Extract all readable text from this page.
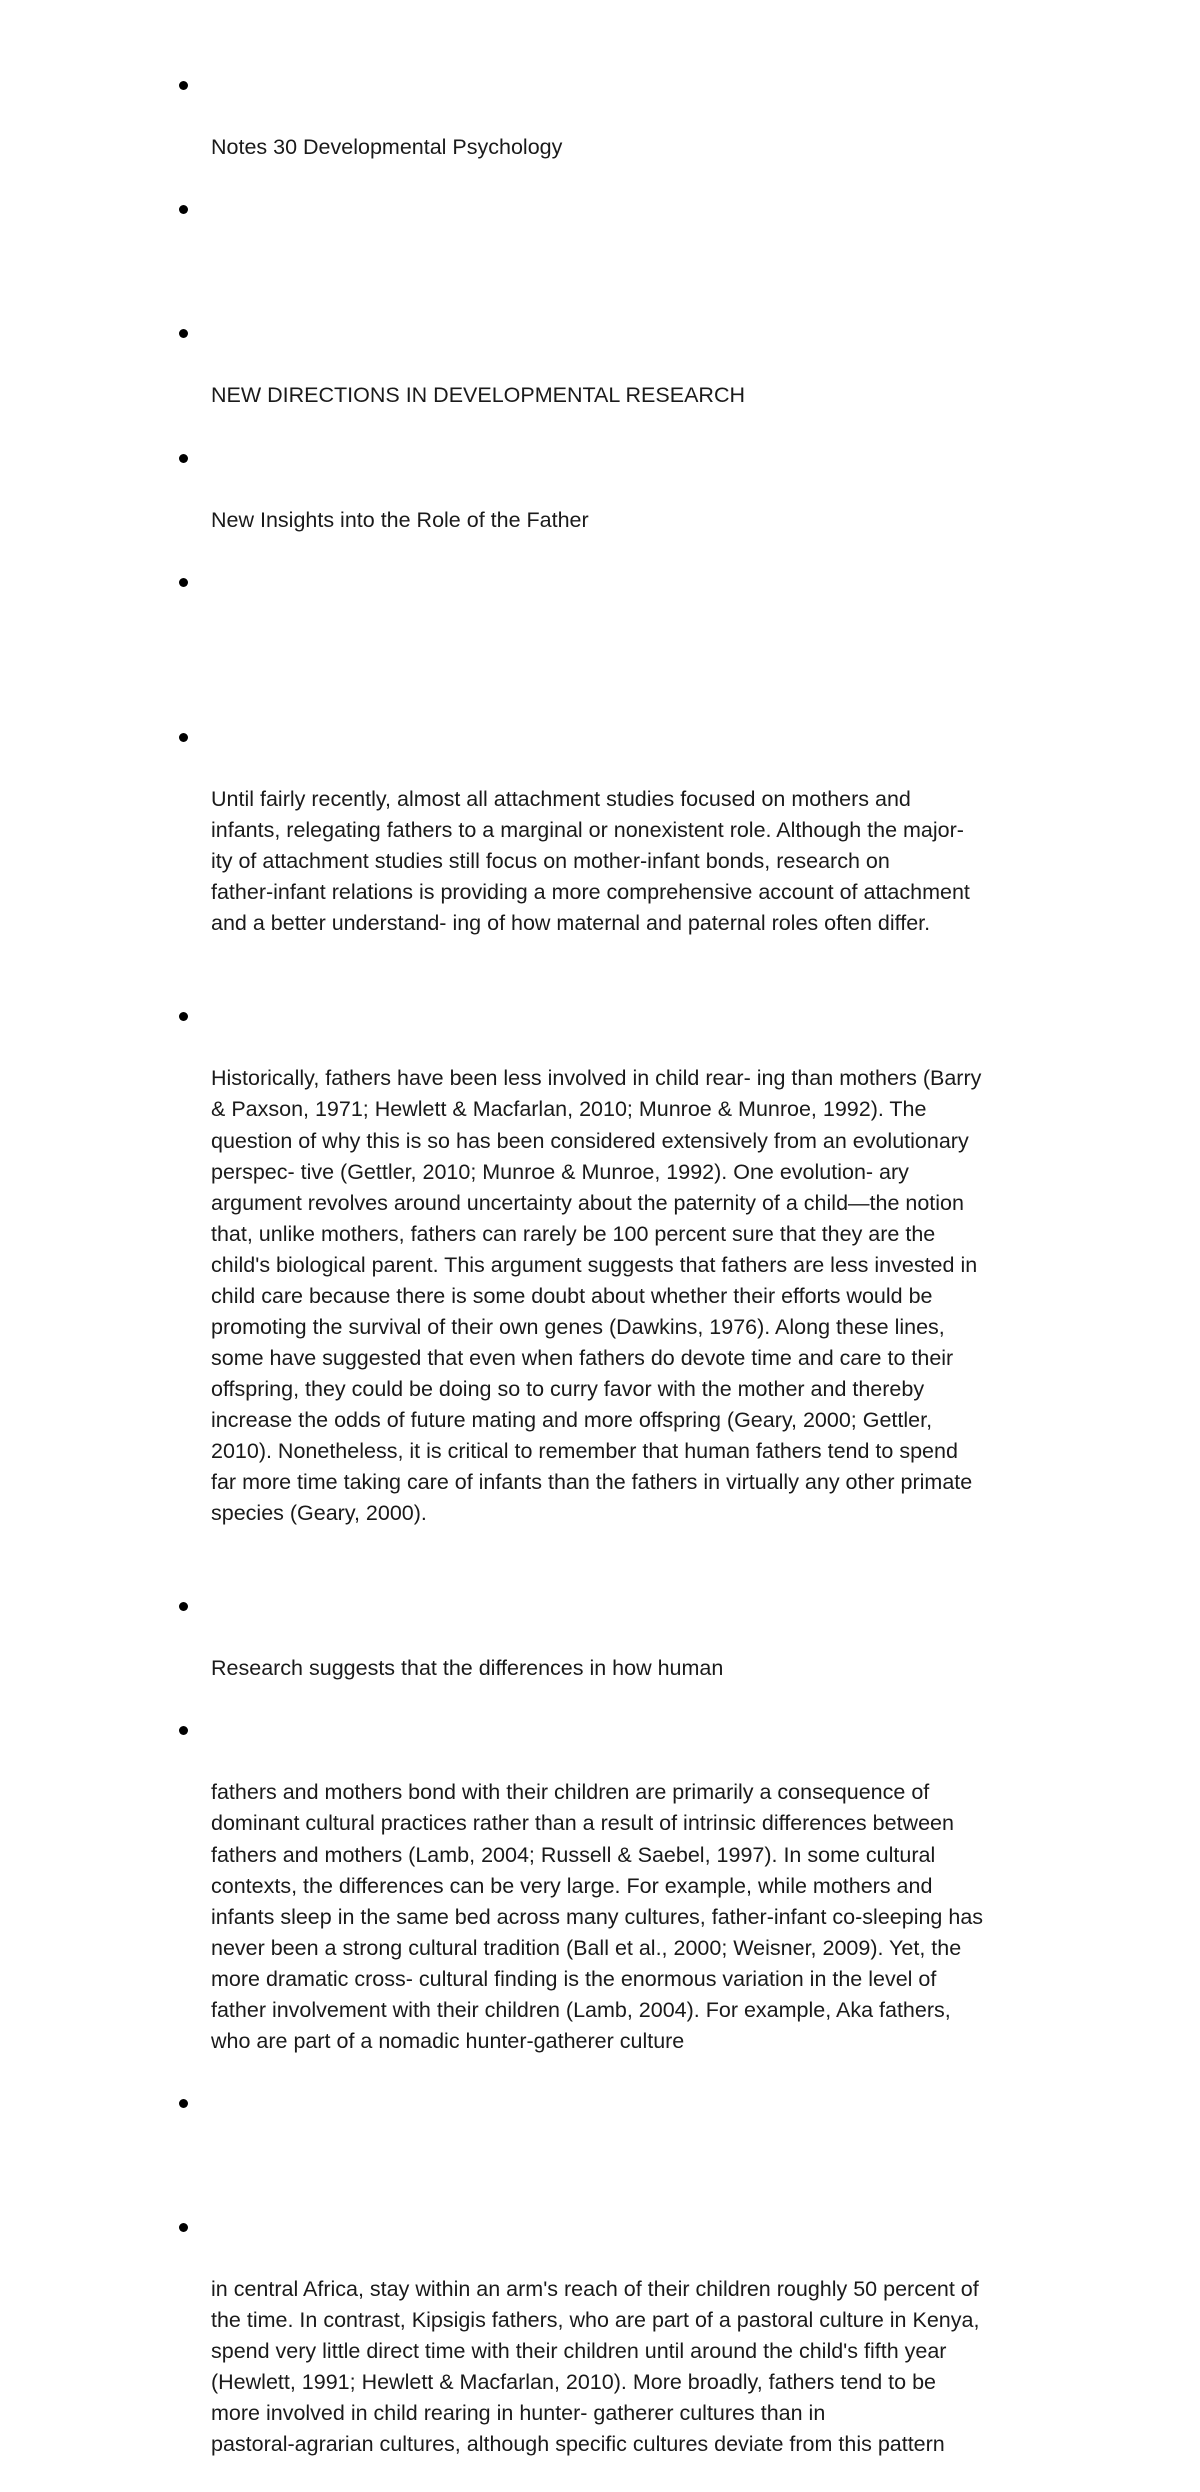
Notes 30 Developmental Psychology

NEW DIRECTIONS IN DEVELOPMENTAL RESEARCH

New Insights into the Role of the Father

Until fairly recently, almost all attachment studies focused on mothers and
infants, relegating fathers to a marginal or nonexistent role. Although the major-
ity of attachment studies still focus on mother-infant bonds, research on
father-infant relations is providing a more comprehensive account of attachment
and a better understand- ing of how maternal and paternal roles often differ.

Historically, fathers have been less involved in child rear- ing than mothers (Barry
& Paxson, 1971; Hewlett & Macfarlan, 2010; Munroe & Munroe, 1992). The
question of why this is so has been considered extensively from an evolutionary
perspec- tive (Gettler, 2010; Munroe & Munroe, 1992). One evolution- ary
argument revolves around uncertainty about the paternity of a child—the notion
that, unlike mothers, fathers can rarely be 100 percent sure that they are the
child's biological parent. This argument suggests that fathers are less invested in
child care because there is some doubt about whether their efforts would be
promoting the survival of their own genes (Dawkins, 1976). Along these lines,
some have suggested that even when fathers do devote time and care to their
offspring, they could be doing so to curry favor with the mother and thereby
increase the odds of future mating and more offspring (Geary, 2000; Gettler,
2010). Nonetheless, it is critical to remember that human fathers tend to spend
far more time taking care of infants than the fathers in virtually any other primate
species (Geary, 2000).

Research suggests that the differences in how human

fathers and mothers bond with their children are primarily a consequence of
dominant cultural practices rather than a result of intrinsic differences between
fathers and mothers (Lamb, 2004; Russell & Saebel, 1997). In some cultural
contexts, the differences can be very large. For example, while mothers and
infants sleep in the same bed across many cultures, father-infant co-sleeping has
never been a strong cultural tradition (Ball et al., 2000; Weisner, 2009). Yet, the
more dramatic cross- cultural finding is the enormous variation in the level of
father involvement with their children (Lamb, 2004). For example, Aka fathers,
who are part of a nomadic hunter-gatherer culture

in central Africa, stay within an arm's reach of their children roughly 50 percent of
the time. In contrast, Kipsigis fathers, who are part of a pastoral culture in Kenya,
spend very little direct time with their children until around the child's fifth year
(Hewlett, 1991; Hewlett & Macfarlan, 2010). More broadly, fathers tend to be
more involved in child rearing in hunter- gatherer cultures than in
pastoral-agrarian cultures, although specific cultures deviate from this pattern
